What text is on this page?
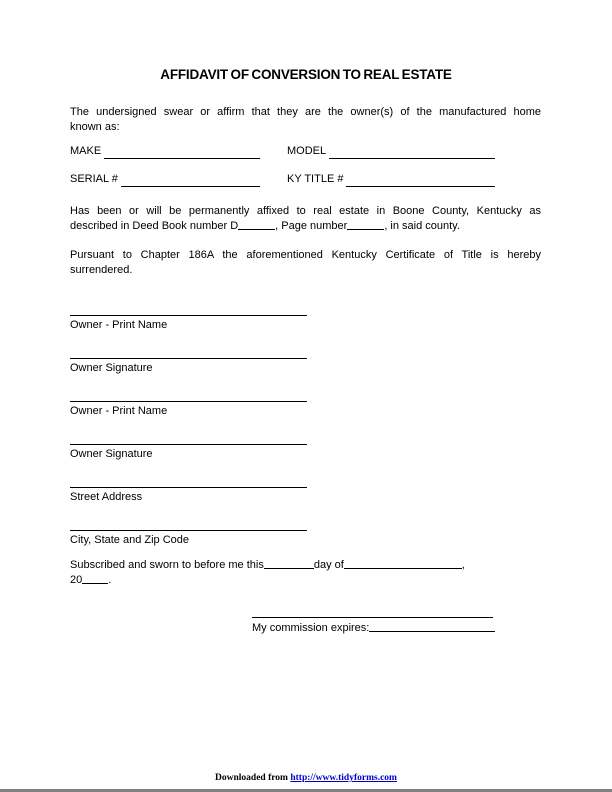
AFFIDAVIT OF CONVERSION TO REAL ESTATE
The undersigned swear or affirm that they are the owner(s) of the manufactured home
known as:
MAKE	MODEL
SERIAL #	KY TITLE #
Has been or will be permanently affixed to real estate in Boone County, Kentucky as
described in Deed Book number D	, Page number	, in said county.
Pursuant to Chapter 186A the aforementioned Kentucky Certificate of Title is hereby
surrendered.
Owner - Print Name
Owner Signature
Owner - Print Name
Owner Signature
Street Address
City, State and Zip Code
Subscribed and sworn to before me this	day of	,
20 .
My commission expires:
Downloaded from http://www.tidyforms.com
